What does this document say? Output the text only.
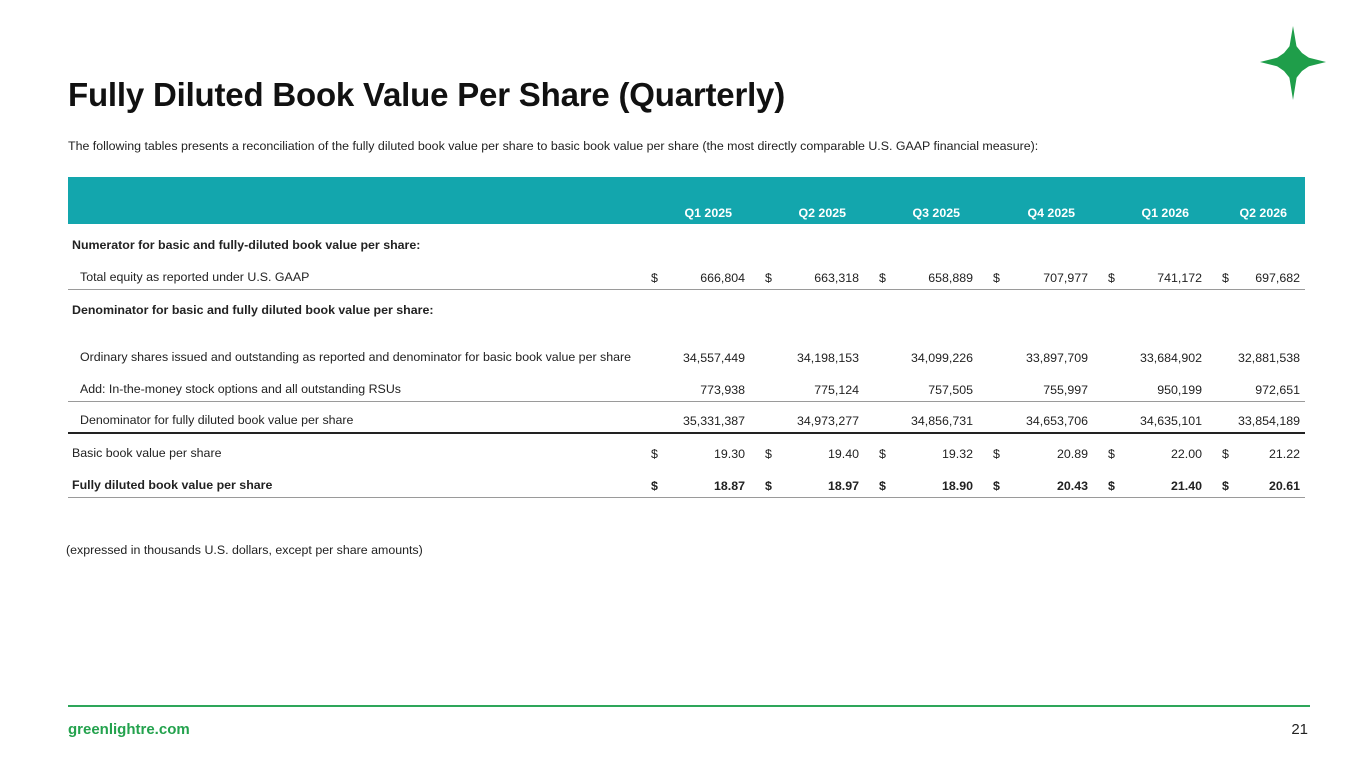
Fully Diluted Book Value Per Share (Quarterly)

The following tables presents a reconciliation of the fully diluted book value per share to basic book value per share (the most directly comparable U.S. GAAP financial measure):

	Q1 2025	Q2 2025	Q3 2025	Q4 2025	Q1 2026	Q2 2026

Numerator for basic and fully-diluted book value per share:						

Total equity as reported under U.S. GAAP	$ 666,804	$ 663,318	$ 658,889	$ 707,977	$ 741,172	$ 697,682

Denominator for basic and fully diluted book value per share:						

Ordinary shares issued and outstanding as reported and denominator for basic book value per share	34,557,449	34,198,153	34,099,226	33,897,709	33,684,902	32,881,538

Add: In-the-money stock options and all outstanding RSUs	773,938	775,124	757,505	755,997	950,199	972,651

Denominator for fully diluted book value per share	35,331,387	34,973,277	34,856,731	34,653,706	34,635,101	33,854,189

Basic book value per share	$ 19.30	$ 19.40	$ 19.32	$ 20.89	$ 22.00	$ 21.22

Fully diluted book value per share	$ 18.87	$ 18.97	$ 18.90	$ 20.43	$ 21.40	$ 20.61

(expressed in thousands U.S. dollars, except per share amounts)

greenlightre.com	21
